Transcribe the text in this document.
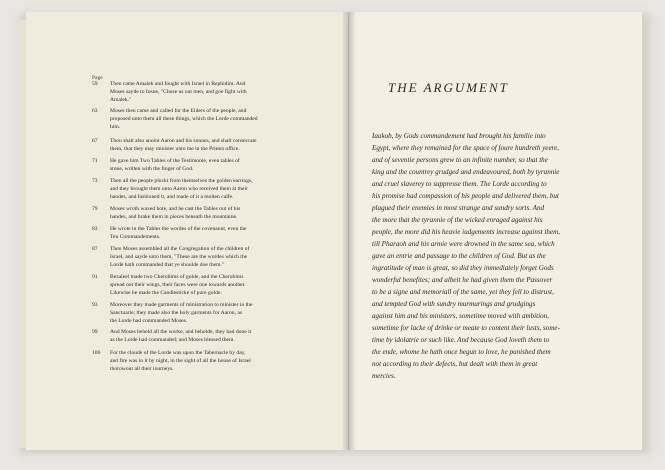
Page
59	Then came Amalek and fought with Israel in Rephidim. And
Moses sayde to Iosue, "Chose us out men, and goe fight with
Amalek."
63	Moses then came and called for the Elders of the people, and
proposed unto them all these things, which the Lorde commanded
him.
67	Thou shalt also anoint Aaron and his sonnes, and shalt consecrate
them, that they may minister unto me in the Priests office.
71	He gave him Two Tables of the Testimonie, even tables of
stone, written with the finger of God.
73	Then all the people pluckt from themselves the golden earrings,
and they brought them unto Aaron who received them at their
handes, and fashioned it, and made of it a molten calfe.
79	Moses wroth waxed hote, and he cast the Tables out of his
handes, and brake them in pieces beneath the mountaine.
83	He wrote in the Tables the wordes of the covenaunt, even the
Ten Commandements.
87	Then Moses assembled all the Congregation of the children of
Israel, and sayde unto them, "These are the wordes which the
Lorde hath commanded that ye shoulde doe them."
91	Bezaleel made two Cherubims of golde, and the Cherubims
spread out their wings, their faces were one towards another.
Likewise he made the Candlesticke of pure golde.
93	Moreover they made garments of ministration to minister in the
Sanctuarie; they made also the holy garments for Aaron, as
the Lorde had commanded Moses.
99	And Moses beheld all the worke, and beholde, they had done it
as the Lorde had commanded; and Moses blessed them.
106	For the cloude of the Lorde was upon the Tabernacle by day,
and fire was in it by night, in the sight of all the house of Israel
thorowout all their iourneys.
THE ARGUMENT
Iaakob, by Gods commandement had brought his familie into
Egypt, where they remained for the space of foure hundreth yeere,
and of seventie persons grew to an infinite number, so that the
king and the countrey grudged and endeavoured, both by tyrannie
and cruel slaverey to suppresse them. The Lorde according to
his promise had compassion of his people and delivered them, but
plagued their enemies in most strange and sundry sorts. And
the more that the tyrannie of the wicked enraged against his
people, the more did his heavie iudgements increase against them,
till Pharaoh and his armie were drowned in the same sea, which
gave an entrie and passage to the children of God. But as the
ingratitude of man is great, so did they immediately forget Gods
wonderful benefites; and albeit he had given them the Passover
to be a signe and memoriall of the same, yet they fell to distrust,
and tempted God with sundry murmurings and grudgings
against him and his ministers, sometime moved with ambition,
sometime for lacke of drinke or meate to content their lusts, some-
time by idolatrie or such like. And because God loveth them to
the ende, whome he hath once begun to love, he punished them
not according to their defects, but dealt with them in great
mercies.
